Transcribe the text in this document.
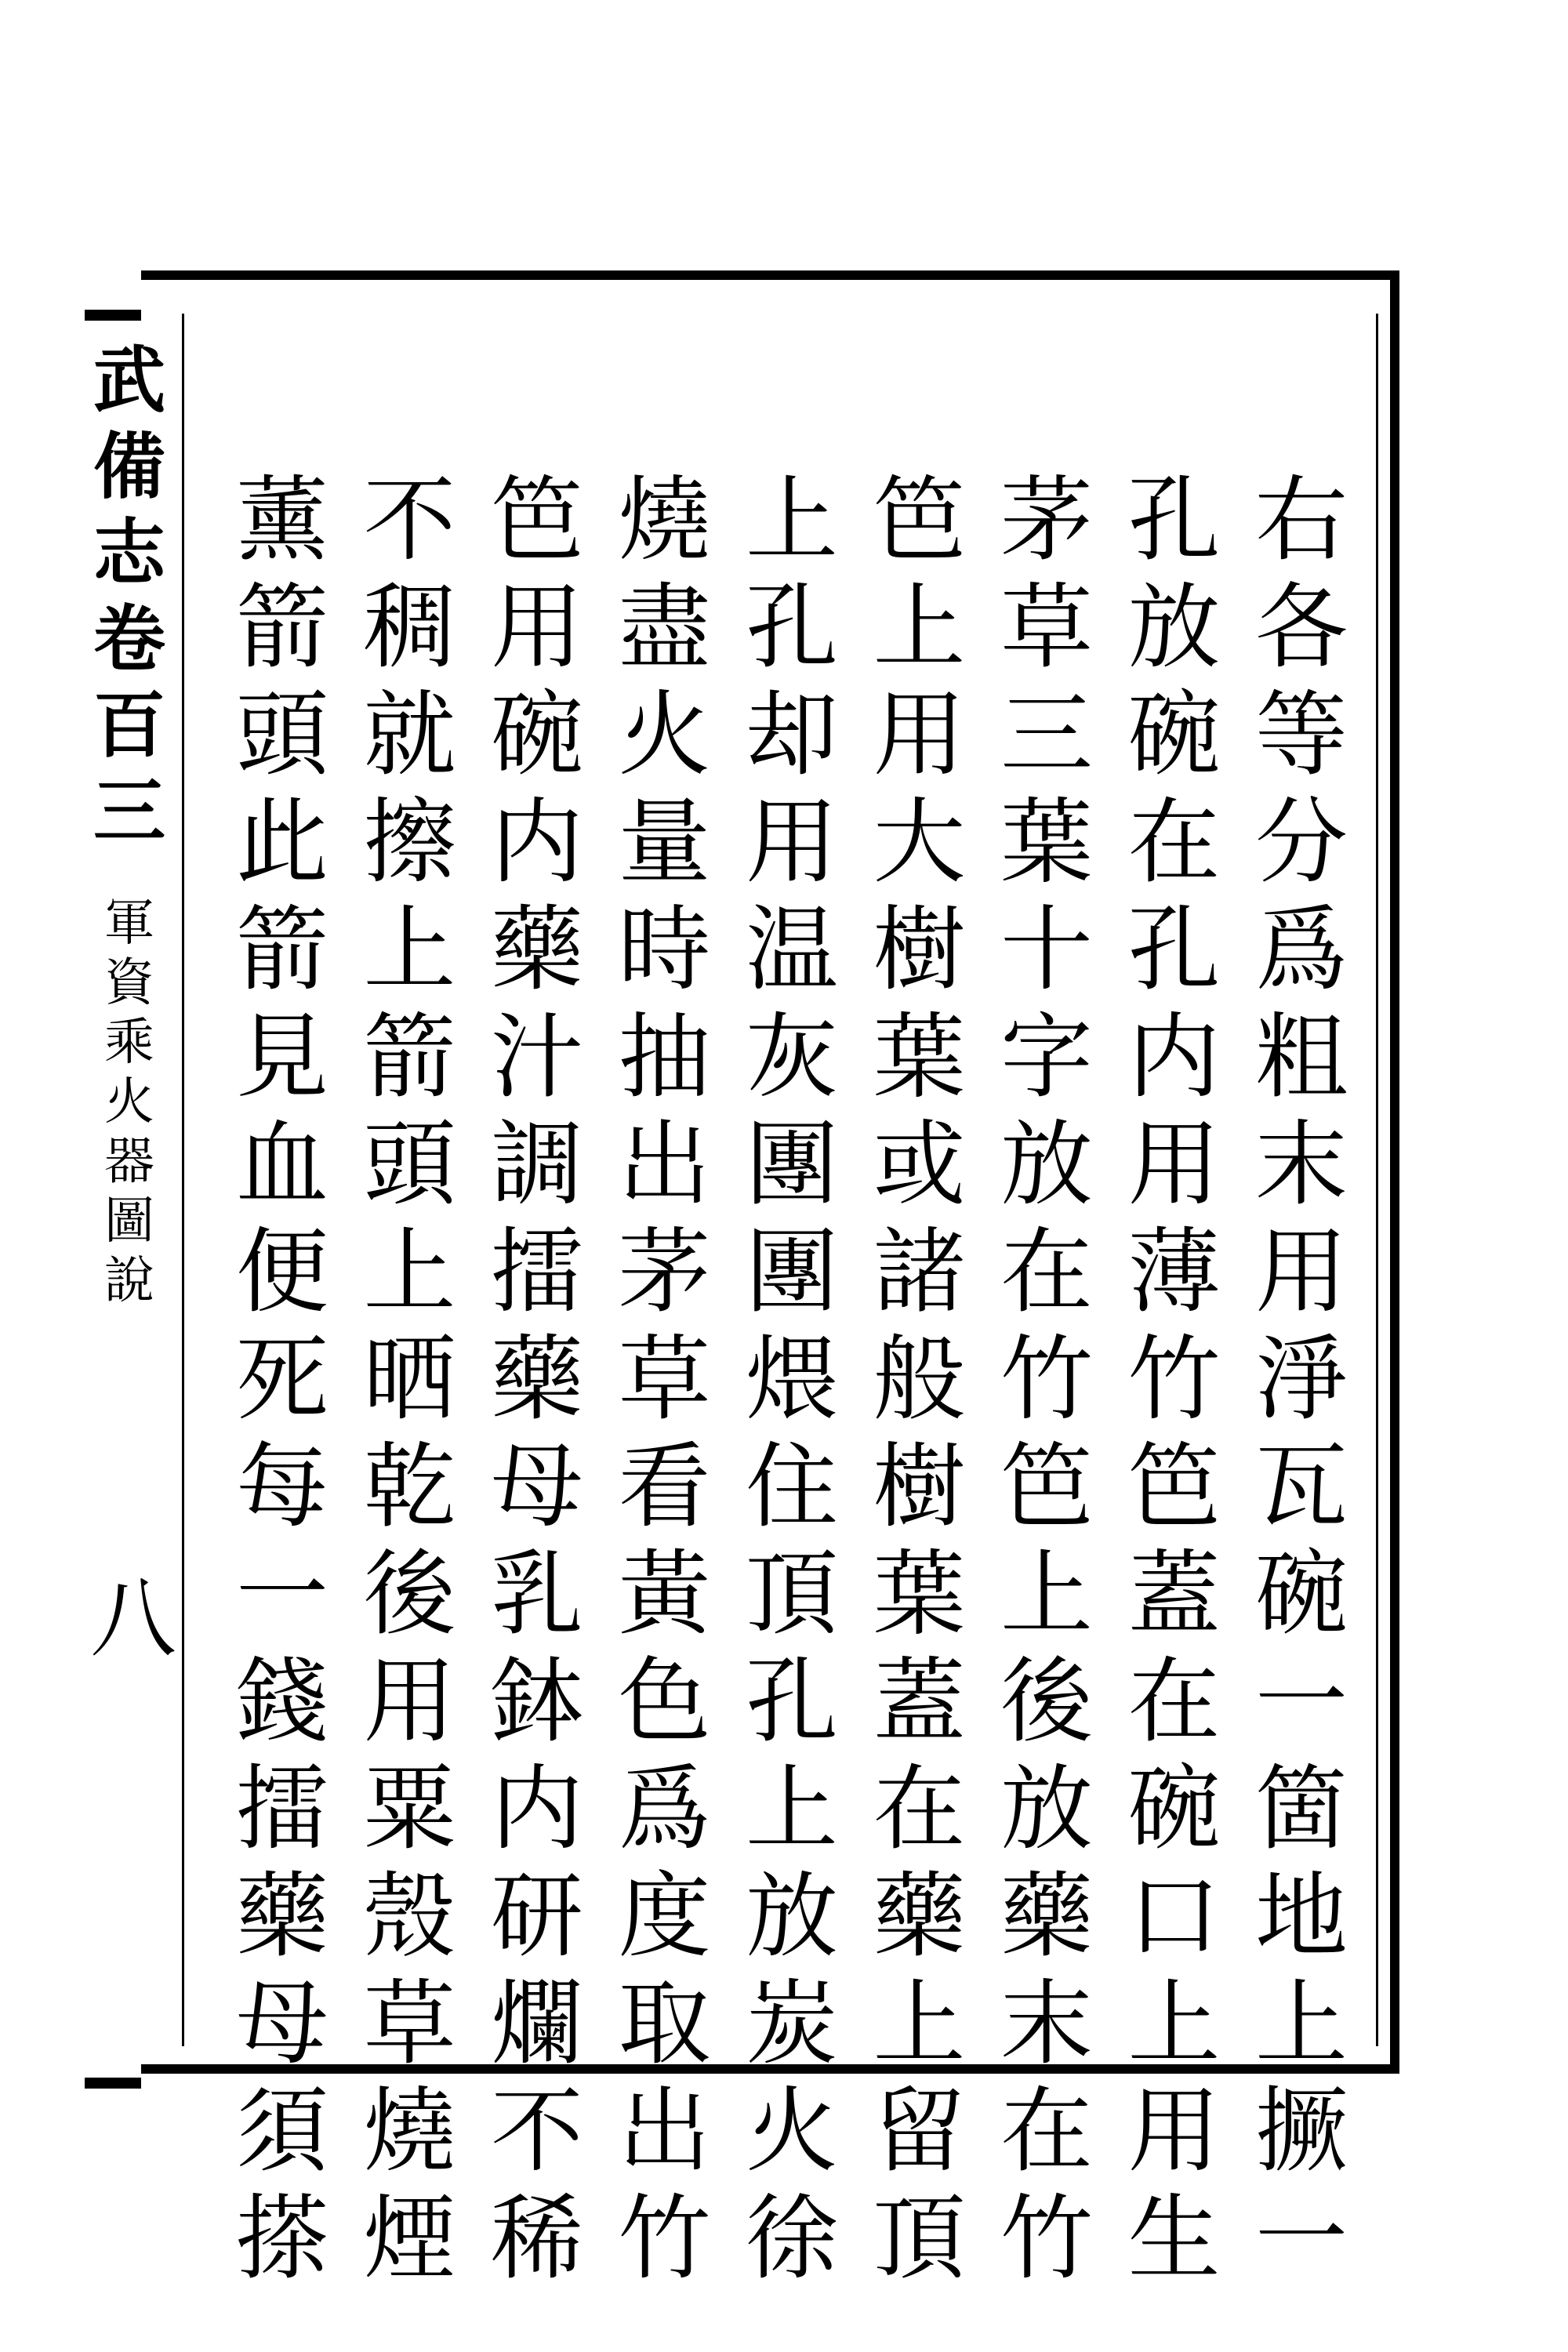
武
備
志
卷
百
三
軍
資
乘
火
器
圖
說
八	右各等分爲粗末用淨瓦碗一箇地上撅一
孔放碗在孔内用薄竹笆蓋在碗口上用生
茅草三葉十字放在竹笆上後放藥末在竹
笆上用大樹葉或諸般樹葉蓋在藥上留頂
上孔却用温灰團團煨住頂孔上放炭火徐
燒盡火量時抽出茅草看黃色爲度取出竹
笆用碗内藥汁調擂藥母乳鉢内研爛不稀
不稠就擦上箭頭上晒乾後用粟殼草燒煙
薰箭頭此箭見血便死每一錢擂藥母須搽
